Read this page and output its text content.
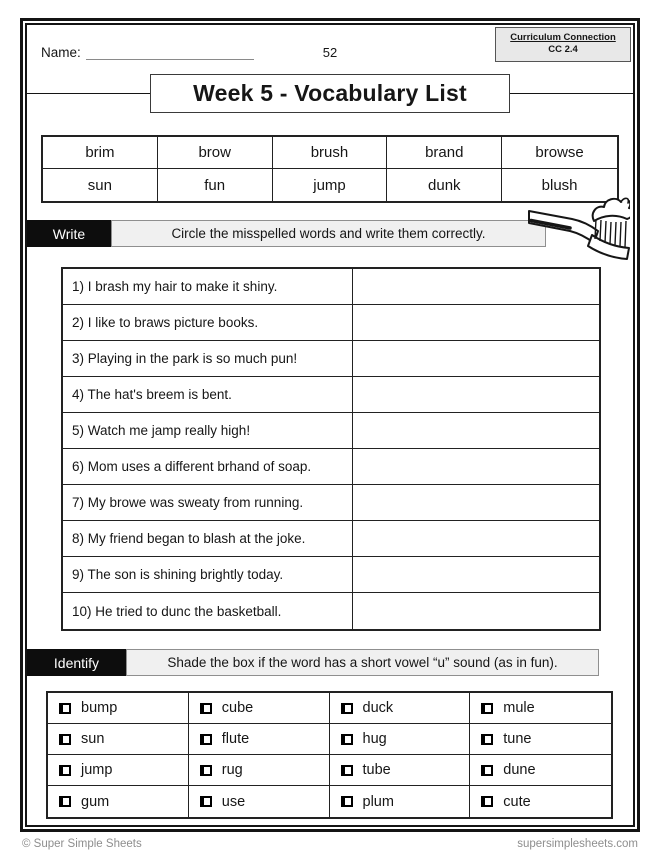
Curriculum Connection
CC 2.4
Name:	52
Week 5 - Vocabulary List
brim	brow	brush	brand	browse
sun	fun	jump	dunk	blush
Write	Circle the misspelled words and write them correctly.
1) I brash my hair to make it shiny.
2) I like to braws picture books.
3) Playing in the park is so much pun!
4) The hat's breem is bent.
5) Watch me jamp really high!
6) Mom uses a different brhand of soap.
7) My browe was sweaty from running.
8) My friend began to blash at the joke.
9) The son is shining brightly today.
10) He tried to dunc the basketball.
Identify	Shade the box if the word has a short vowel “u” sound (as in fun).
bump	cube	duck	mule
sun	flute	hug	tune
jump	rug	tube	dune
gum	use	plum	cute
© Super Simple Sheets	supersimplesheets.com
